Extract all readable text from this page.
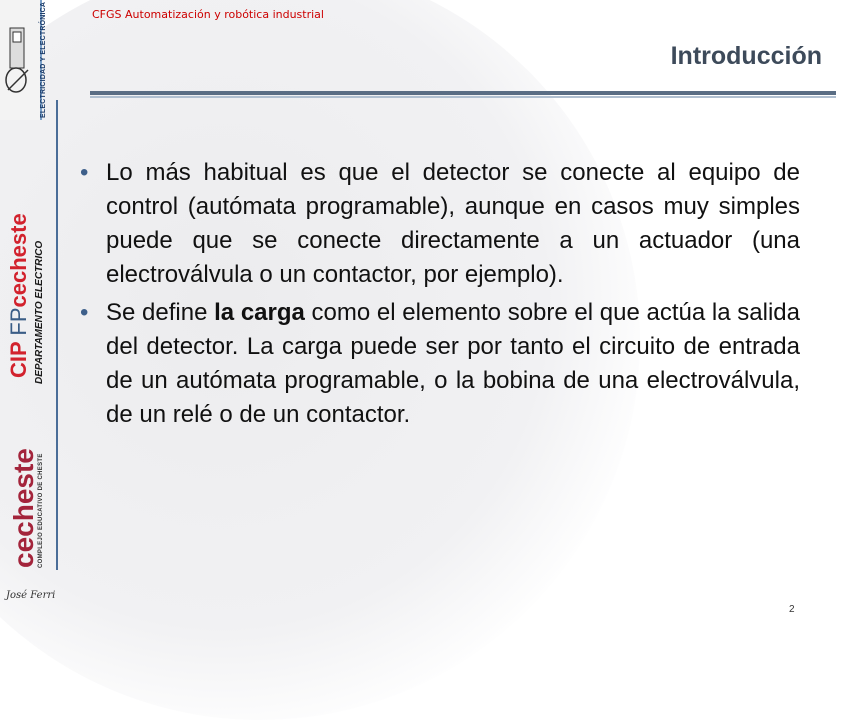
ELECTRICIDAD Y ELECTRÓNICA	CFGS Automatización y robótica industrial
Introducción
CIP FPcecheste DEPARTAMENTO ELECTRICO
cecheste COMPLEJO EDUCATIVO DE CHESTE
• Lo más habitual es que el detector se conecte al equipo de control (autómata programable), aunque en casos muy simples puede que se conecte directamente a un actuador (una electroválvula o un contactor, por ejemplo).
• Se define la carga como el elemento sobre el que actúa la salida del detector. La carga puede ser por tanto el circuito de entrada de un autómata programable, o la bobina de una electroválvula, de un relé o de un contactor.
José Ferri
2
